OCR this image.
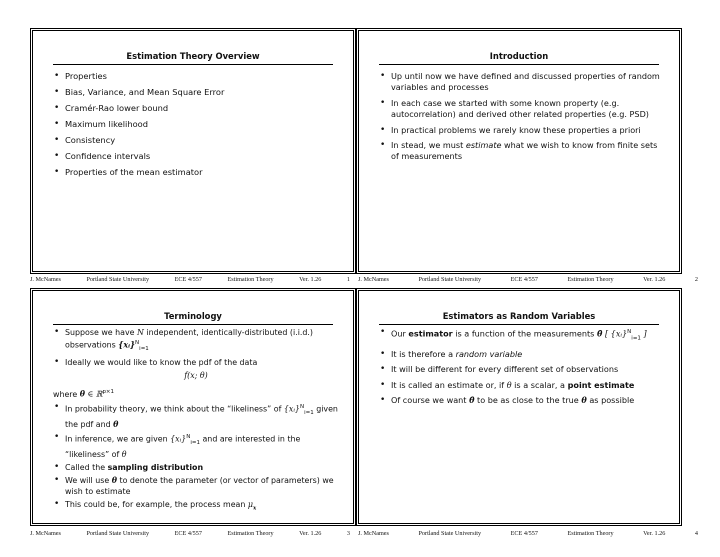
Estimation Theory Overview
• Properties
• Bias, Variance, and Mean Square Error
• Cramér-Rao lower bound
• Maximum likelihood
• Consistency
• Confidence intervals
• Properties of the mean estimator
J. McNames	Portland State University	ECE 4/557	Estimation Theory	Ver. 1.26	1
Introduction
• Up until now we have defined and discussed properties of random variables and processes
• In each case we started with some known property (e.g. autocorrelation) and derived other related properties (e.g. PSD)
• In practical problems we rarely know these properties a priori
• In stead, we must estimate what we wish to know from finite sets of measurements
J. McNames	Portland State University	ECE 4/557	Estimation Theory	Ver. 1.26	2
Terminology
• Suppose we have N independent, identically-distributed (i.i.d.) observations {xᵢ}$^N_{i=1}$
• Ideally we would like to know the pdf of the data
f(x; θ)
where θ ∈ ℝ$^{p\times 1}$
• In probability theory, we think about the “likeliness” of {xᵢ}$^N_{i=1}$ given the pdf and θ
• In inference, we are given {xᵢ}$^N_{i=1}$ and are interested in the “likeliness” of θ
• Called the sampling distribution
• We will use θ to denote the parameter (or vector of parameters) we wish to estimate
• This could be, for example, the process mean $\mu_x$
J. McNames	Portland State University	ECE 4/557	Estimation Theory	Ver. 1.26	3
Estimators as Random Variables
• Our estimator is a function of the measurements θ̂ [ {xᵢ}$^N_{i=1}$ ]
• It is therefore a random variable
• It will be different for every different set of observations
• It is called an estimate or, if θ is a scalar, a point estimate
• Of course we want θ̂ to be as close to the true θ as possible
J. McNames	Portland State University	ECE 4/557	Estimation Theory	Ver. 1.26	4
